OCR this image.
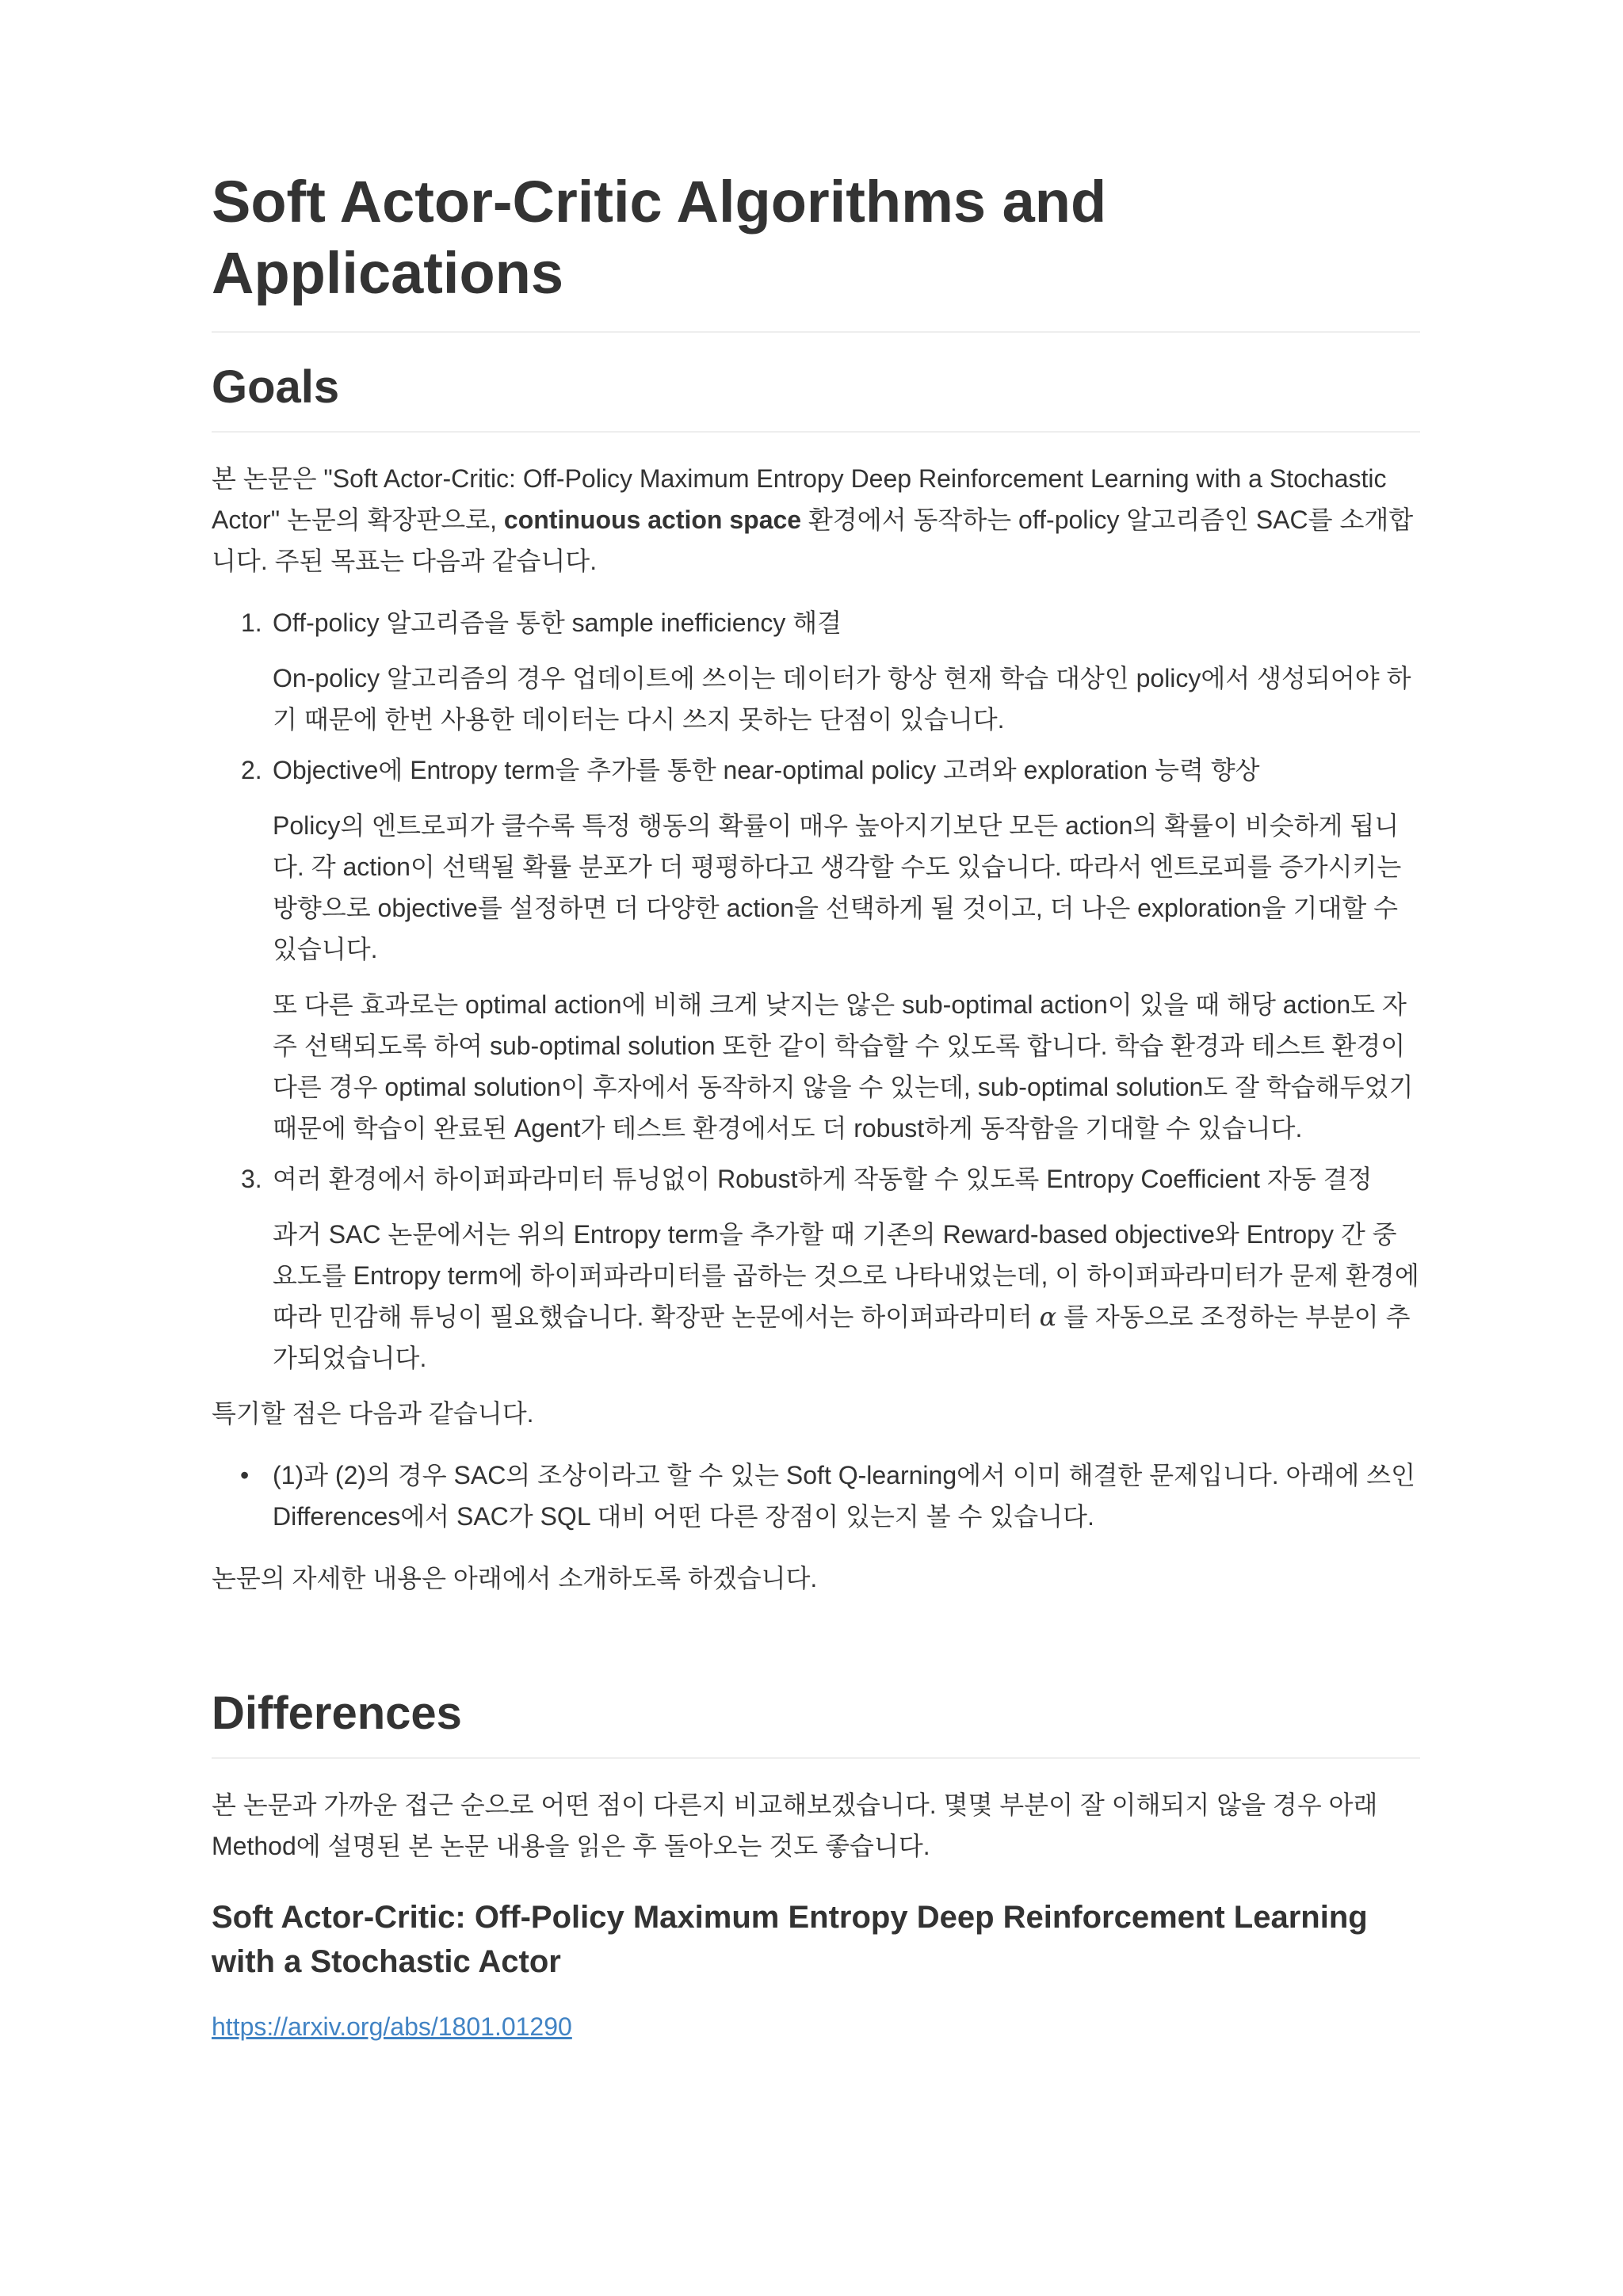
Soft Actor-Critic Algorithms and Applications
Goals

본 논문은 "Soft Actor-Critic: Off-Policy Maximum Entropy Deep Reinforcement Learning with a Stochastic Actor" 논문의 확장판으로, continuous action space 환경에서 동작하는 off-policy 알고리즘인 SAC를 소개합니다. 주된 목표는 다음과 같습니다.

1. Off-policy 알고리즘을 통한 sample inefficiency 해결

On-policy 알고리즘의 경우 업데이트에 쓰이는 데이터가 항상 현재 학습 대상인 policy에서 생성되어야 하기 때문에 한번 사용한 데이터는 다시 쓰지 못하는 단점이 있습니다.

2. Objective에 Entropy term을 추가를 통한 near-optimal policy 고려와 exploration 능력 향상

Policy의 엔트로피가 클수록 특정 행동의 확률이 매우 높아지기보단 모든 action의 확률이 비슷하게 됩니다. 각 action이 선택될 확률 분포가 더 평평하다고 생각할 수도 있습니다. 따라서 엔트로피를 증가시키는 방향으로 objective를 설정하면 더 다양한 action을 선택하게 될 것이고, 더 나은 exploration을 기대할 수 있습니다.

또 다른 효과로는 optimal action에 비해 크게 낮지는 않은 sub-optimal action이 있을 때 해당 action도 자주 선택되도록 하여 sub-optimal solution 또한 같이 학습할 수 있도록 합니다. 학습 환경과 테스트 환경이 다른 경우 optimal solution이 후자에서 동작하지 않을 수 있는데, sub-optimal solution도 잘 학습해두었기 때문에 학습이 완료된 Agent가 테스트 환경에서도 더 robust하게 동작함을 기대할 수 있습니다.

3. 여러 환경에서 하이퍼파라미터 튜닝없이 Robust하게 작동할 수 있도록 Entropy Coefficient 자동 결정

과거 SAC 논문에서는 위의 Entropy term을 추가할 때 기존의 Reward-based objective와 Entropy 간 중요도를 Entropy term에 하이퍼파라미터를 곱하는 것으로 나타내었는데, 이 하이퍼파라미터가 문제 환경에 따라 민감해 튜닝이 필요했습니다. 확장판 논문에서는 하이퍼파라미터 α 를 자동으로 조정하는 부분이 추가되었습니다.

특기할 점은 다음과 같습니다.

• (1)과 (2)의 경우 SAC의 조상이라고 할 수 있는 Soft Q-learning에서 이미 해결한 문제입니다. 아래에 쓰인 Differences에서 SAC가 SQL 대비 어떤 다른 장점이 있는지 볼 수 있습니다.

논문의 자세한 내용은 아래에서 소개하도록 하겠습니다.

Differences

본 논문과 가까운 접근 순으로 어떤 점이 다른지 비교해보겠습니다. 몇몇 부분이 잘 이해되지 않을 경우 아래 Method에 설명된 본 논문 내용을 읽은 후 돌아오는 것도 좋습니다.

Soft Actor-Critic: Off-Policy Maximum Entropy Deep Reinforcement Learning with a Stochastic Actor
https://arxiv.org/abs/1801.01290
